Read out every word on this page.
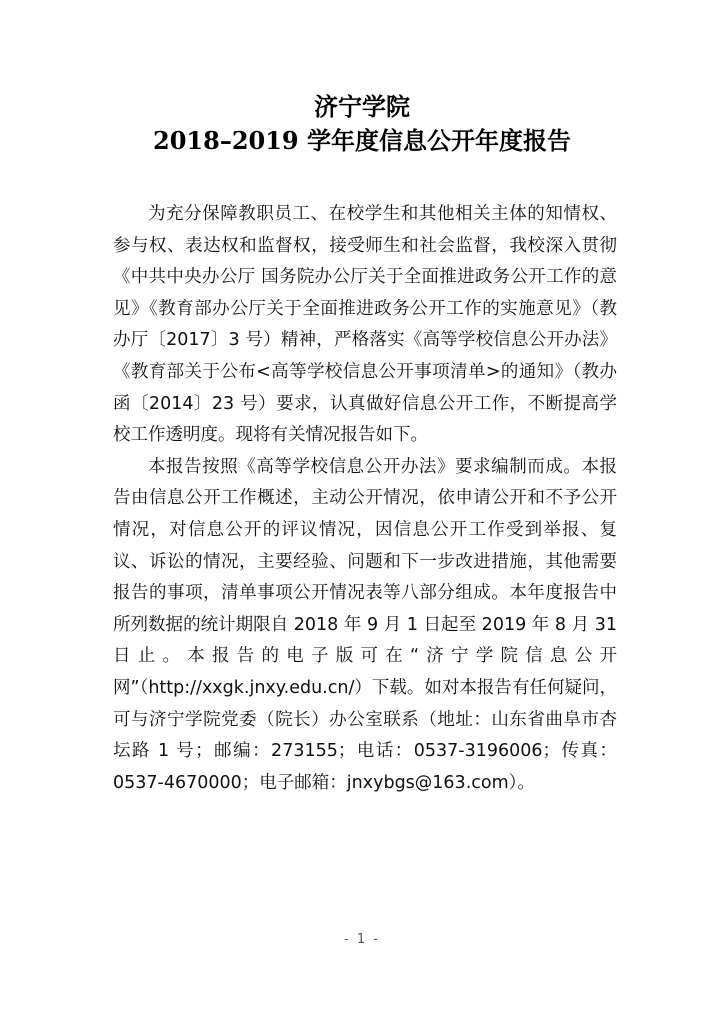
济宁学院
2018–2019 学年度信息公开年度报告

为充分保障教职员工、在校学生和其他相关主体的知情权、参与权、表达权和监督权，接受师生和社会监督，我校深入贯彻《中共中央办公厅 国务院办公厅关于全面推进政务公开工作的意见》《教育部办公厅关于全面推进政务公开工作的实施意见》（教办厅〔2017〕3 号）精神，严格落实《高等学校信息公开办法》《教育部关于公布<高等学校信息公开事项清单>的通知》（教办函〔2014〕23 号）要求，认真做好信息公开工作，不断提高学校工作透明度。现将有关情况报告如下。

本报告按照《高等学校信息公开办法》要求编制而成。本报告由信息公开工作概述，主动公开情况，依申请公开和不予公开情况，对信息公开的评议情况，因信息公开工作受到举报、复议、诉讼的情况，主要经验、问题和下一步改进措施，其他需要报告的事项，清单事项公开情况表等八部分组成。本年度报告中所列数据的统计期限自 2018 年 9 月 1 日起至 2019 年 8 月 31 日止。本报告的电子版可在“济宁学院信息公开网”（http://xxgk.jnxy.edu.cn/）下载。如对本报告有任何疑问，可与济宁学院党委（院长）办公室联系（地址：山东省曲阜市杏坛路 1 号；邮编：273155；电话：0537-3196006；传真：0537-4670000；电子邮箱：jnxybgs@163.com）。

- 1 -
